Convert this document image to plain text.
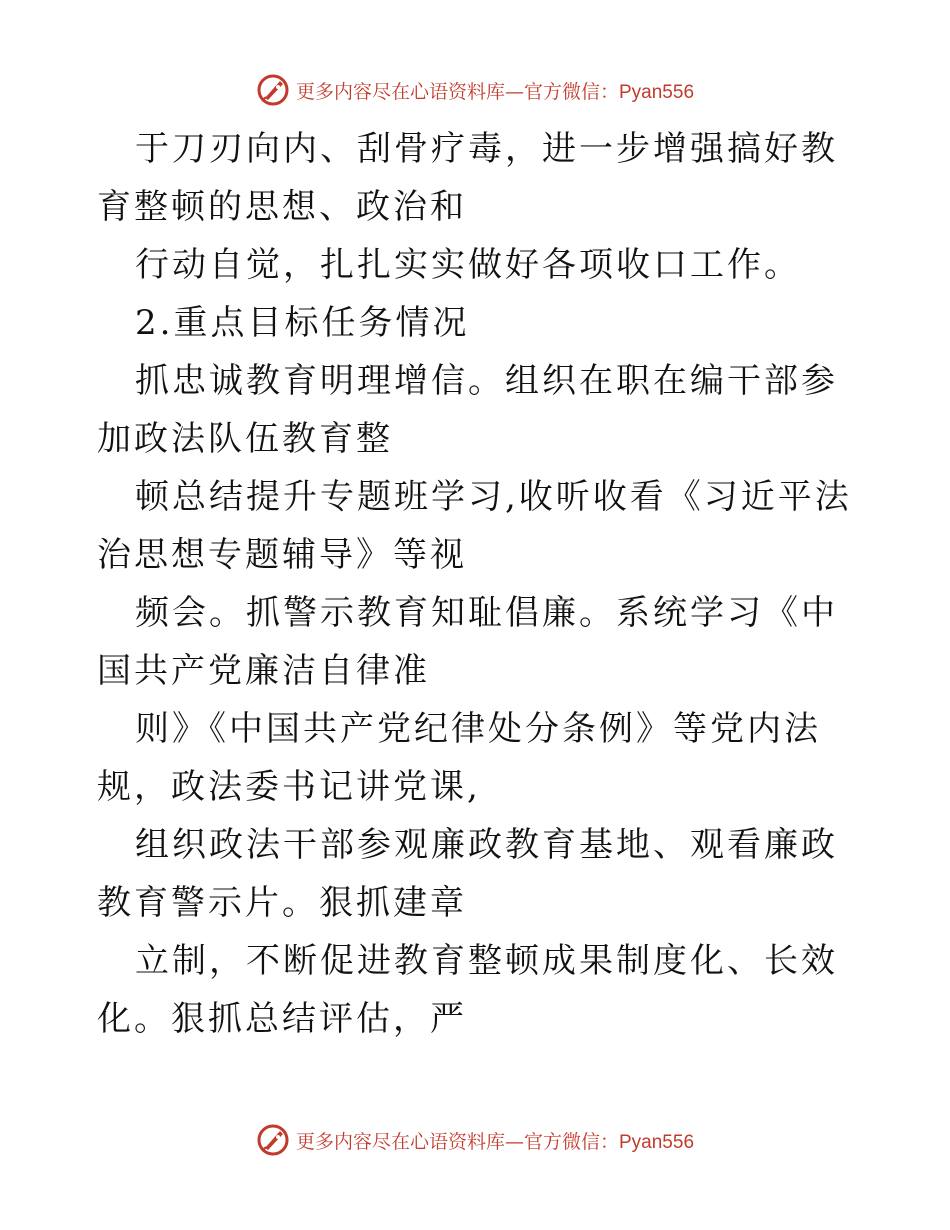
更多内容尽在心语资料库—官方微信：Pyan556

于刀刃向内、刮骨疗毒，进一步增强搞好教育整顿的思想、政治和

行动自觉，扎扎实实做好各项收口工作。

2.重点目标任务情况

抓忠诚教育明理增信。组织在职在编干部参加政法队伍教育整

顿总结提升专题班学习,收听收看《习近平法治思想专题辅导》等视

频会。抓警示教育知耻倡廉。系统学习《中国共产党廉洁自律准

则》《中国共产党纪律处分条例》等党内法规，政法委书记讲党课,

组织政法干部参观廉政教育基地、观看廉政教育警示片。狠抓建章

立制，不断促进教育整顿成果制度化、长效化。狠抓总结评估，严

更多内容尽在心语资料库—官方微信：Pyan556
